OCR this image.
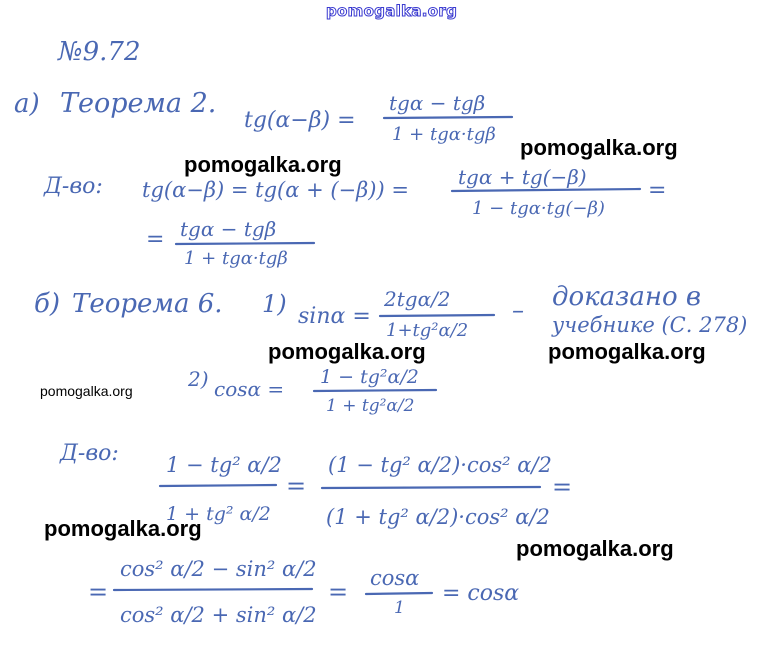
№9.72
а) Теорема 2.
tg(α−β) =
tgα − tgβ
1 + tgα·tgβ
Д-во: tg(α−β) = tg(α + (−β)) =
tgα + tg(−β)
1 − tgα·tg(−β)
=
= tgα − tgβ
1 + tgα·tgβ
б) Теорема 6. 1) sinα =
2tgα/2
1+tg²α/2
– доказано в
учебнике (С. 278)
2) cosα = 1 − tg²α/2
1 + tg²α/2
Д-во: 1 − tg² α/2
1 + tg² α/2
=
(1 − tg² α/2)·cos² α/2
(1 + tg² α/2)·cos² α/2
=
=
cos² α/2 − sin² α/2
cos² α/2 + sin² α/2
= cosα
1
= cosα
pomogalka.org
pomogalka.org
pomogalka.org
pomogalka.org	pomogalka.org
pomogalka.org
pomogalka.org
pomogalka.org
